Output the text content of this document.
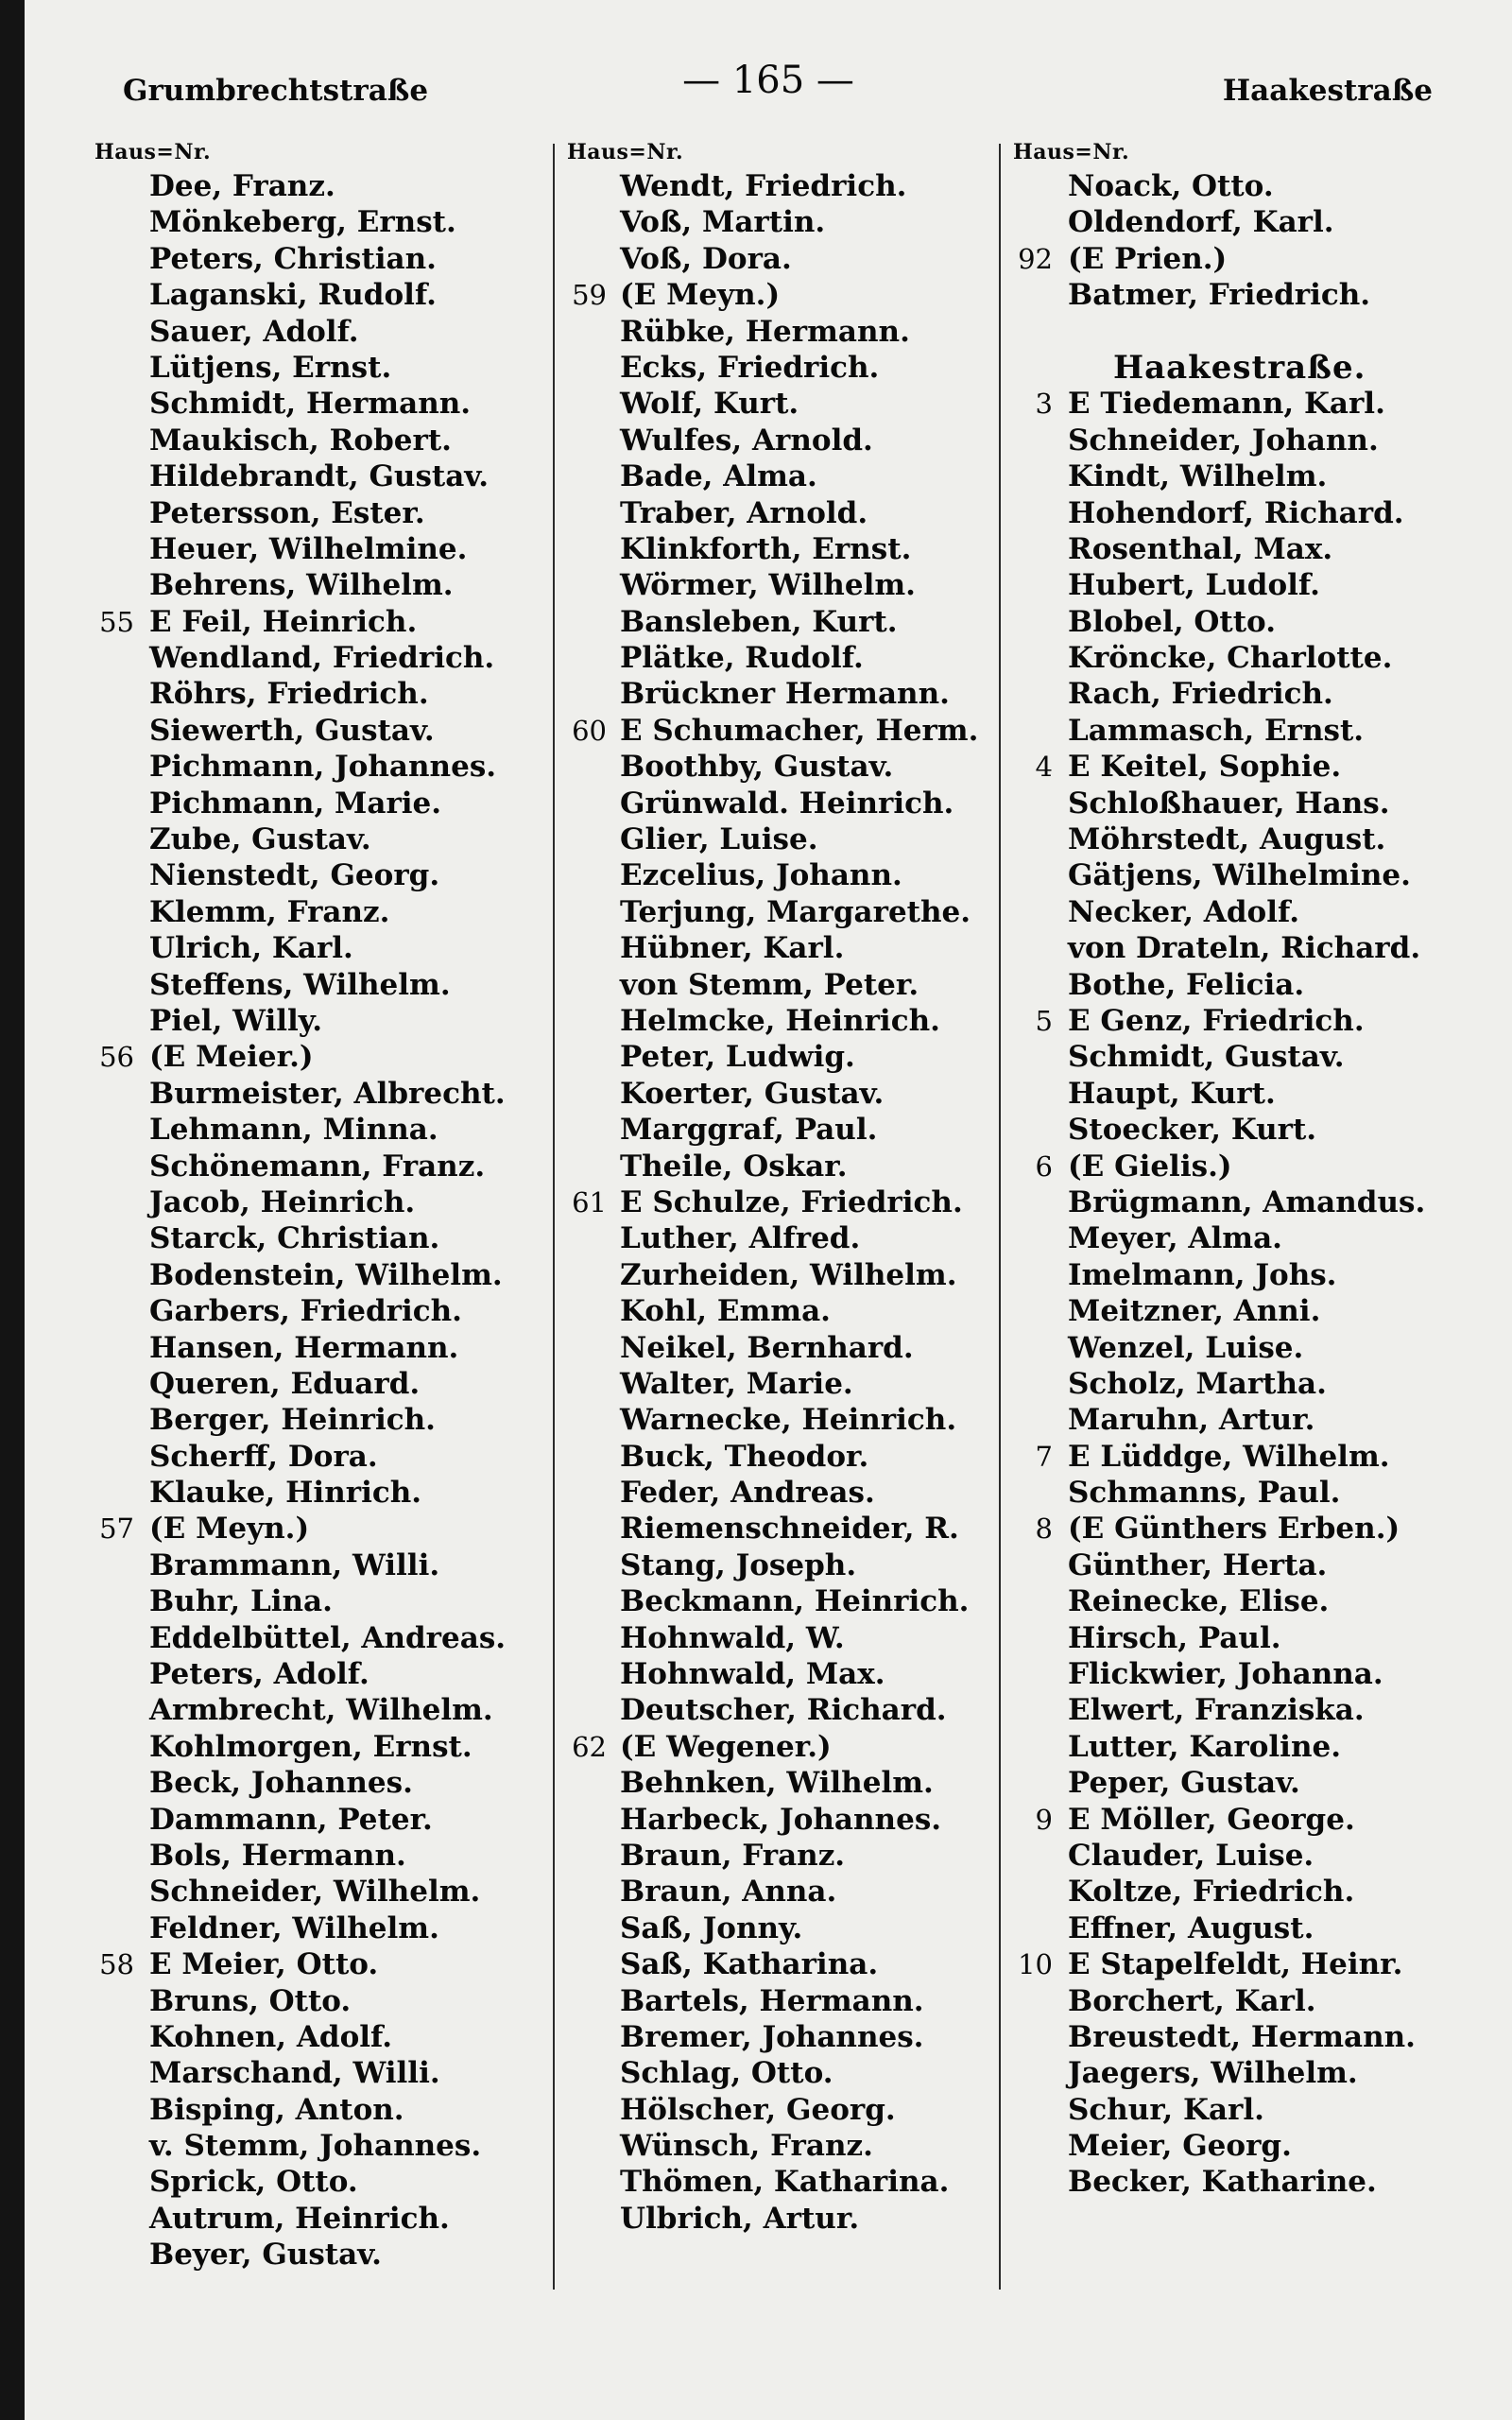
Grumbrechtstraße	— 165 —	Haakestraße
Haus=Nr.
Dee, Franz.
Mönkeberg, Ernst.
Peters, Christian.
Laganski, Rudolf.
Sauer, Adolf.
Lütjens, Ernst.
Schmidt, Hermann.
Maukisch, Robert.
Hildebrandt, Gustav.
Petersson, Ester.
Heuer, Wilhelmine.
Behrens, Wilhelm.
55 E Feil, Heinrich.
Wendland, Friedrich.
Röhrs, Friedrich.
Siewerth, Gustav.
Pichmann, Johannes.
Pichmann, Marie.
Zube, Gustav.
Nienstedt, Georg.
Klemm, Franz.
Ulrich, Karl.
Steffens, Wilhelm.
Piel, Willy.
56 (E Meier.)
Burmeister, Albrecht.
Lehmann, Minna.
Schönemann, Franz.
Jacob, Heinrich.
Starck, Christian.
Bodenstein, Wilhelm.
Garbers, Friedrich.
Hansen, Hermann.
Queren, Eduard.
Berger, Heinrich.
Scherff, Dora.
Klauke, Hinrich.
57 (E Meyn.)
Brammann, Willi.
Buhr, Lina.
Eddelbüttel, Andreas.
Peters, Adolf.
Armbrecht, Wilhelm.
Kohlmorgen, Ernst.
Beck, Johannes.
Dammann, Peter.
Bols, Hermann.
Schneider, Wilhelm.
Feldner, Wilhelm.
58 E Meier, Otto.
Bruns, Otto.
Kohnen, Adolf.
Marschand, Willi.
Bisping, Anton.
v. Stemm, Johannes.
Sprick, Otto.
Autrum, Heinrich.
Beyer, Gustav.
Haus=Nr.
Wendt, Friedrich.
Voß, Martin.
Voß, Dora.
59 (E Meyn.)
Rübke, Hermann.
Ecks, Friedrich.
Wolf, Kurt.
Wulfes, Arnold.
Bade, Alma.
Traber, Arnold.
Klinkforth, Ernst.
Wörmer, Wilhelm.
Bansleben, Kurt.
Plätke, Rudolf.
Brückner Hermann.
60 E Schumacher, Herm.
Boothby, Gustav.
Grünwald. Heinrich.
Glier, Luise.
Ezcelius, Johann.
Terjung, Margarethe.
Hübner, Karl.
von Stemm, Peter.
Helmcke, Heinrich.
Peter, Ludwig.
Koerter, Gustav.
Marggraf, Paul.
Theile, Oskar.
61 E Schulze, Friedrich.
Luther, Alfred.
Zurheiden, Wilhelm.
Kohl, Emma.
Neikel, Bernhard.
Walter, Marie.
Warnecke, Heinrich.
Buck, Theodor.
Feder, Andreas.
Riemenschneider, R.
Stang, Joseph.
Beckmann, Heinrich.
Hohnwald, W.
Hohnwald, Max.
Deutscher, Richard.
62 (E Wegener.)
Behnken, Wilhelm.
Harbeck, Johannes.
Braun, Franz.
Braun, Anna.
Saß, Jonny.
Saß, Katharina.
Bartels, Hermann.
Bremer, Johannes.
Schlag, Otto.
Hölscher, Georg.
Wünsch, Franz.
Thömen, Katharina.
Ulbrich, Artur.
Haus=Nr.
Noack, Otto.
Oldendorf, Karl.
92 (E Prien.)
Batmer, Friedrich.
Haakestraße.
3 E Tiedemann, Karl.
Schneider, Johann.
Kindt, Wilhelm.
Hohendorf, Richard.
Rosenthal, Max.
Hubert, Ludolf.
Blobel, Otto.
Kröncke, Charlotte.
Rach, Friedrich.
Lammasch, Ernst.
4 E Keitel, Sophie.
Schloßhauer, Hans.
Möhrstedt, August.
Gätjens, Wilhelmine.
Necker, Adolf.
von Drateln, Richard.
Bothe, Felicia.
5 E Genz, Friedrich.
Schmidt, Gustav.
Haupt, Kurt.
Stoecker, Kurt.
6 (E Gielis.)
Brügmann, Amandus.
Meyer, Alma.
Imelmann, Johs.
Meitzner, Anni.
Wenzel, Luise.
Scholz, Martha.
Maruhn, Artur.
7 E Lüddge, Wilhelm.
Schmanns, Paul.
8 (E Günthers Erben.)
Günther, Herta.
Reinecke, Elise.
Hirsch, Paul.
Flickwier, Johanna.
Elwert, Franziska.
Lutter, Karoline.
Peper, Gustav.
9 E Möller, George.
Clauder, Luise.
Koltze, Friedrich.
Effner, August.
10 E Stapelfeldt, Heinr.
Borchert, Karl.
Breustedt, Hermann.
Jaegers, Wilhelm.
Schur, Karl.
Meier, Georg.
Becker, Katharine.
